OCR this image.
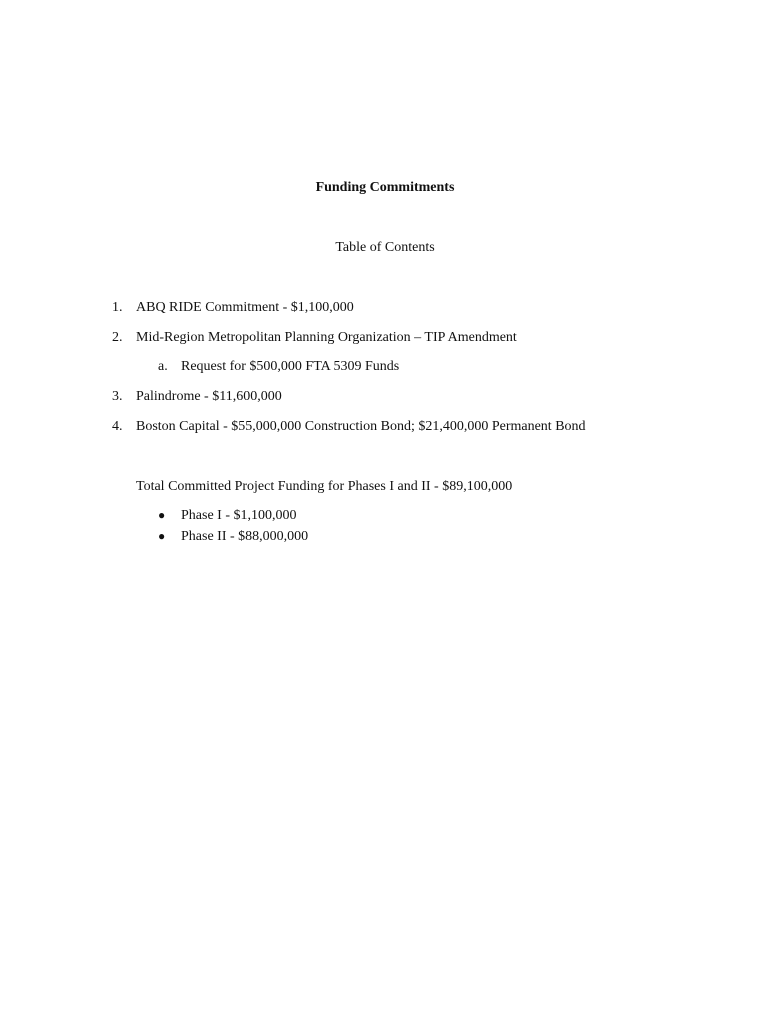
Funding Commitments
Table of Contents
1. ABQ RIDE Commitment - $1,100,000
2. Mid-Region Metropolitan Planning Organization – TIP Amendment
a. Request for $500,000 FTA 5309 Funds
3. Palindrome - $11,600,000
4. Boston Capital - $55,000,000 Construction Bond; $21,400,000 Permanent Bond
Total Committed Project Funding for Phases I and II - $89,100,000
● Phase I - $1,100,000
● Phase II - $88,000,000
